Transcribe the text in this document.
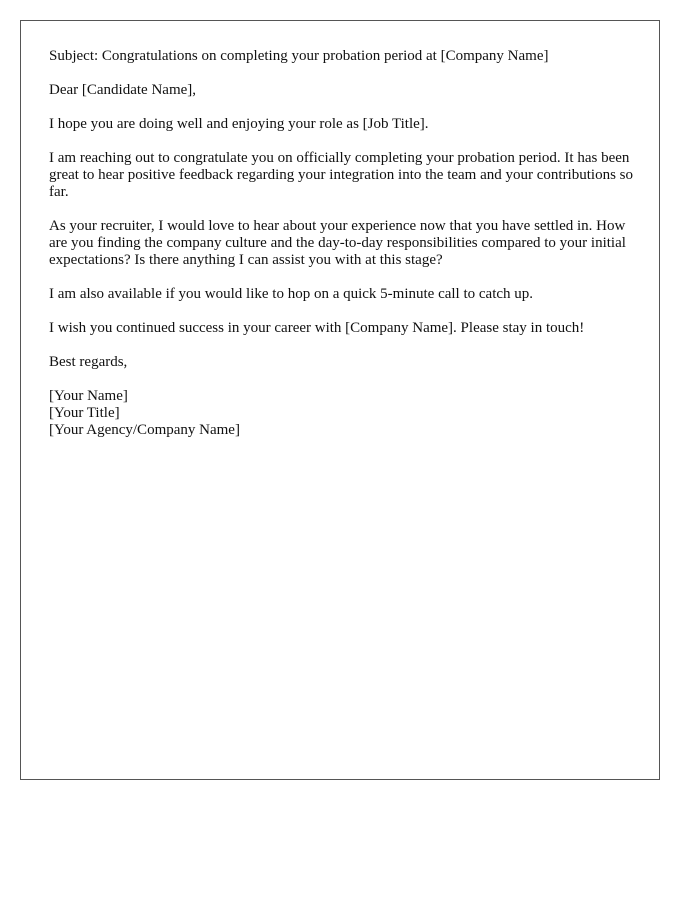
Subject: Congratulations on completing your probation period at [Company Name]

Dear [Candidate Name],

I hope you are doing well and enjoying your role as [Job Title].

I am reaching out to congratulate you on officially completing your probation period. It has been great to hear positive feedback regarding your integration into the team and your contributions so far.

As your recruiter, I would love to hear about your experience now that you have settled in. How are you finding the company culture and the day-to-day responsibilities compared to your initial expectations? Is there anything I can assist you with at this stage?

I am also available if you would like to hop on a quick 5-minute call to catch up.

I wish you continued success in your career with [Company Name]. Please stay in touch!

Best regards,

[Your Name]
[Your Title]
[Your Agency/Company Name]
